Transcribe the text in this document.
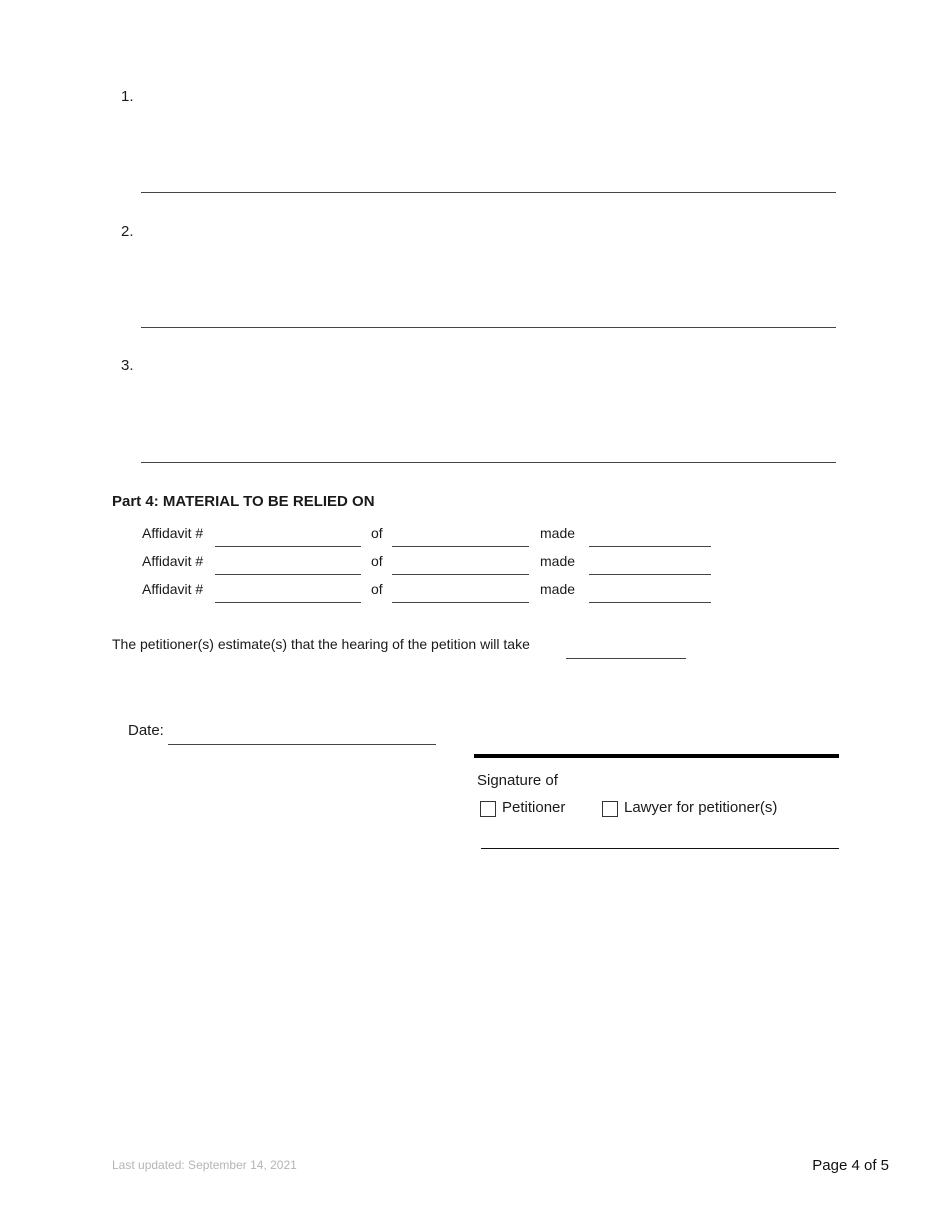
1.
2.
3.
Part 4: MATERIAL TO BE RELIED ON
Affidavit #	of	made
Affidavit #	of	made
Affidavit #	of	made
The petitioner(s) estimate(s) that the hearing of the petition will take
Date:
Signature of
Petitioner	Lawyer for petitioner(s)
Last updated: September 14, 2021	Page 4 of 5
